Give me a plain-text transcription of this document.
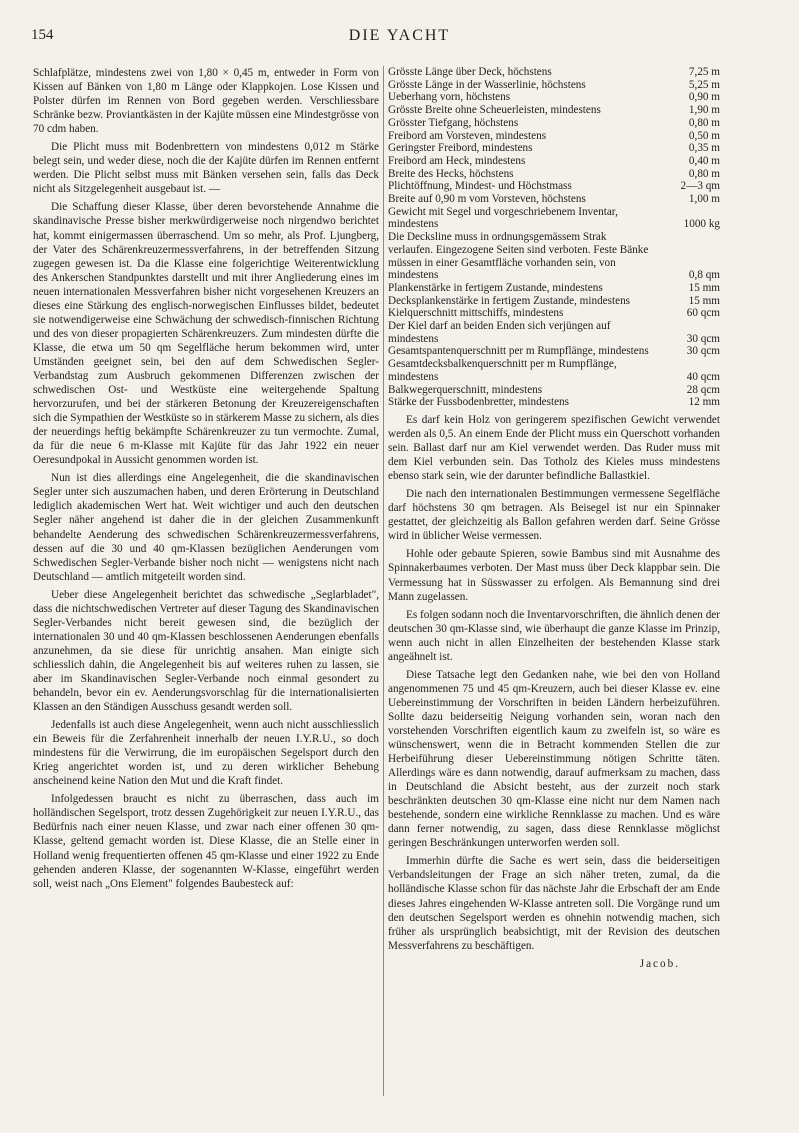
154	DIE YACHT

Schlafplätze, mindestens zwei von 1,80 × 0,45 m, entweder in Form von Kissen auf Bänken von 1,80 m Länge oder Klappkojen. Lose Kissen und Polster dürfen im Rennen von Bord gegeben werden. Verschliessbare Schränke bezw. Proviantkästen in der Kajüte müssen eine Mindestgrösse von 70 cdm haben.

Die Plicht muss mit Bodenbrettern von mindestens 0,012 m Stärke belegt sein, und weder diese, noch die der Kajüte dürfen im Rennen entfernt werden. Die Plicht selbst muss mit Bänken versehen sein, falls das Deck nicht als Sitzgelegenheit ausgebaut ist. —

Die Schaffung dieser Klasse, über deren bevorstehende Annahme die skandinavische Presse bisher merkwürdigerweise noch nirgendwo berichtet hat, kommt einigermassen überraschend. Um so mehr, als Prof. Ljungberg, der Vater des Schärenkreuzermessverfahrens, in der betreffenden Sitzung zugegen gewesen ist. Da die Klasse eine folgerichtige Weiterentwicklung des Ankerschen Standpunktes darstellt und mit ihrer Angliederung eines im neuen internationalen Messverfahren bisher nicht vorgesehenen Kreuzers an dieses eine Stärkung des englisch-norwegischen Einflusses bildet, bedeutet sie notwendigerweise eine Schwächung der schwedisch-finnischen Richtung und des von dieser propagierten Schärenkreuzers. Zum mindesten dürfte die Klasse, die etwa um 50 qm Segelfläche herum bekommen wird, unter Umständen geeignet sein, bei den auf dem Schwedischen Segler-Verbandstag zum Ausbruch gekommenen Differenzen zwischen der schwedischen Ost- und Westküste eine weitergehende Spaltung hervorzurufen, und bei der stärkeren Betonung der Kreuzereigenschaften sich die Sympathien der Westküste so in stärkerem Masse zu sichern, als dies der neuerdings heftig bekämpfte Schärenkreuzer zu tun vermochte. Zumal, da für die neue 6 m-Klasse mit Kajüte für das Jahr 1922 ein neuer Oeresundpokal in Aussicht genommen worden ist.

Nun ist dies allerdings eine Angelegenheit, die die skandinavischen Segler unter sich auszumachen haben, und deren Erörterung in Deutschland lediglich akademischen Wert hat. Weit wichtiger und auch den deutschen Segler näher angehend ist daher die in der gleichen Zusammenkunft behandelte Aenderung des schwedischen Schärenkreuzermessverfahrens, dessen auf die 30 und 40 qm-Klassen bezüglichen Aenderungen vom Schwedischen Segler-Verbande bisher noch nicht — wenigstens nicht nach Deutschland — amtlich mitgeteilt worden sind.

Ueber diese Angelegenheit berichtet das schwedische „Seglarbladet", dass die nichtschwedischen Vertreter auf dieser Tagung des Skandinavischen Segler-Verbandes nicht bereit gewesen sind, die bezüglich der internationalen 30 und 40 qm-Klassen beschlossenen Aenderungen ebenfalls anzunehmen, da sie diese für unrichtig ansahen. Man einigte sich schliesslich dahin, die Angelegenheit bis auf weiteres ruhen zu lassen, sie aber im Skandinavischen Segler-Verbande noch einmal gesondert zu behandeln, bevor ein ev. Aenderungsvorschlag für die internationalisierten Klassen an den Ständigen Ausschuss gesandt werden soll.

Jedenfalls ist auch diese Angelegenheit, wenn auch nicht ausschliesslich ein Beweis für die Zerfahrenheit innerhalb der neuen I.Y.R.U., so doch mindestens für die Verwirrung, die im europäischen Segelsport durch den Krieg angerichtet worden ist, und zu deren wirklicher Behebung anscheinend keine Nation den Mut und die Kraft findet.

Infolgedessen braucht es nicht zu überraschen, dass auch im holländischen Segelsport, trotz dessen Zugehörigkeit zur neuen I.Y.R.U., das Bedürfnis nach einer neuen Klasse, und zwar nach einer offenen 30 qm-Klasse, geltend gemacht worden ist. Diese Klasse, die an Stelle einer in Holland wenig frequentierten offenen 45 qm-Klasse und einer 1922 zu Ende gehenden anderen Klasse, der sogenannten W-Klasse, eingeführt werden soll, weist nach „Ons Element" folgendes Baubesteck auf:

Grösste Länge über Deck, höchstens	7,25 m
Grösste Länge in der Wasserlinie, höchstens	5,25 m
Ueberhang vorn, höchstens	0,90 m
Grösste Breite ohne Scheuerleisten, mindestens	1,90 m
Grösster Tiefgang, höchstens	0,80 m
Freibord am Vorsteven, mindestens	0,50 m
Geringster Freibord, mindestens	0,35 m
Freibord am Heck, mindestens	0,40 m
Breite des Hecks, höchstens	0,80 m
Plichtöffnung, Mindest- und Höchstmass	2—3 qm
Breite auf 0,90 m vom Vorsteven, höchstens	1,00 m
Gewicht mit Segel und vorgeschriebenem Inventar, mindestens	1000 kg
Die Decksline muss in ordnungsgemässem Strak verlaufen. Eingezogene Seiten sind verboten. Feste Bänke müssen in einer Gesamtfläche vorhanden sein, von mindestens	0,8 qm
Plankenstärke in fertigem Zustande, mindestens	15 mm
Decksplankenstärke in fertigem Zustande, mindestens	15 mm
Kielquerschnitt mittschiffs, mindestens	60 qcm
Der Kiel darf an beiden Enden sich verjüngen auf mindestens	30 qcm
Gesamtspantenquerschnitt per m Rumpflänge, mindestens	30 qcm
Gesamtdecksbalkenquerschnitt per m Rumpflänge, mindestens	40 qcm
Balkwegerquerschnitt, mindestens	28 qcm
Stärke der Fussbodenbretter, mindestens	12 mm

Es darf kein Holz von geringerem spezifischen Gewicht verwendet werden als 0,5. An einem Ende der Plicht muss ein Querschott vorhanden sein. Ballast darf nur am Kiel verwendet werden. Das Ruder muss mit dem Kiel verbunden sein. Das Totholz des Kieles muss mindestens ebenso stark sein, wie der darunter befindliche Ballastkiel.

Die nach den internationalen Bestimmungen vermessene Segelfläche darf höchstens 30 qm betragen. Als Beisegel ist nur ein Spinnaker gestattet, der gleichzeitig als Ballon gefahren werden darf. Seine Grösse wird in üblicher Weise vermessen.

Hohle oder gebaute Spieren, sowie Bambus sind mit Ausnahme des Spinnakerbaumes verboten. Der Mast muss über Deck klappbar sein. Die Vermessung hat in Süsswasser zu erfolgen. Als Bemannung sind drei Mann zugelassen.

Es folgen sodann noch die Inventarvorschriften, die ähnlich denen der deutschen 30 qm-Klasse sind, wie überhaupt die ganze Klasse im Prinzip, wenn auch nicht in allen Einzelheiten der bestehenden Klasse stark angeähnelt ist.

Diese Tatsache legt den Gedanken nahe, wie bei den von Holland angenommenen 75 und 45 qm-Kreuzern, auch bei dieser Klasse ev. eine Uebereinstimmung der Vorschriften in beiden Ländern herbeizuführen. Sollte dazu beiderseitig Neigung vorhanden sein, woran nach den vorstehenden Vorschriften eigentlich kaum zu zweifeln ist, so wäre es wünschenswert, wenn die in Betracht kommenden Stellen die zur Herbeiführung dieser Uebereinstimmung nötigen Schritte täten. Allerdings wäre es dann notwendig, darauf aufmerksam zu machen, dass in Deutschland die Absicht besteht, aus der zurzeit noch stark beschränkten deutschen 30 qm-Klasse eine nicht nur dem Namen nach bestehende, sondern eine wirkliche Rennklasse zu machen. Und es wäre dann ferner notwendig, zu sagen, dass diese Rennklasse möglichst geringen Beschränkungen unterworfen werden soll.

Immerhin dürfte die Sache es wert sein, dass die beiderseitigen Verbandsleitungen der Frage an sich näher treten, zumal, da die holländische Klasse schon für das nächste Jahr die Erbschaft der am Ende dieses Jahres eingehenden W-Klasse antreten soll. Die Vorgänge rund um den deutschen Segelsport werden es ohnehin notwendig machen, sich früher als ursprünglich beabsichtigt, mit der Revision des deutschen Messverfahrens zu beschäftigen.

Jacob.
